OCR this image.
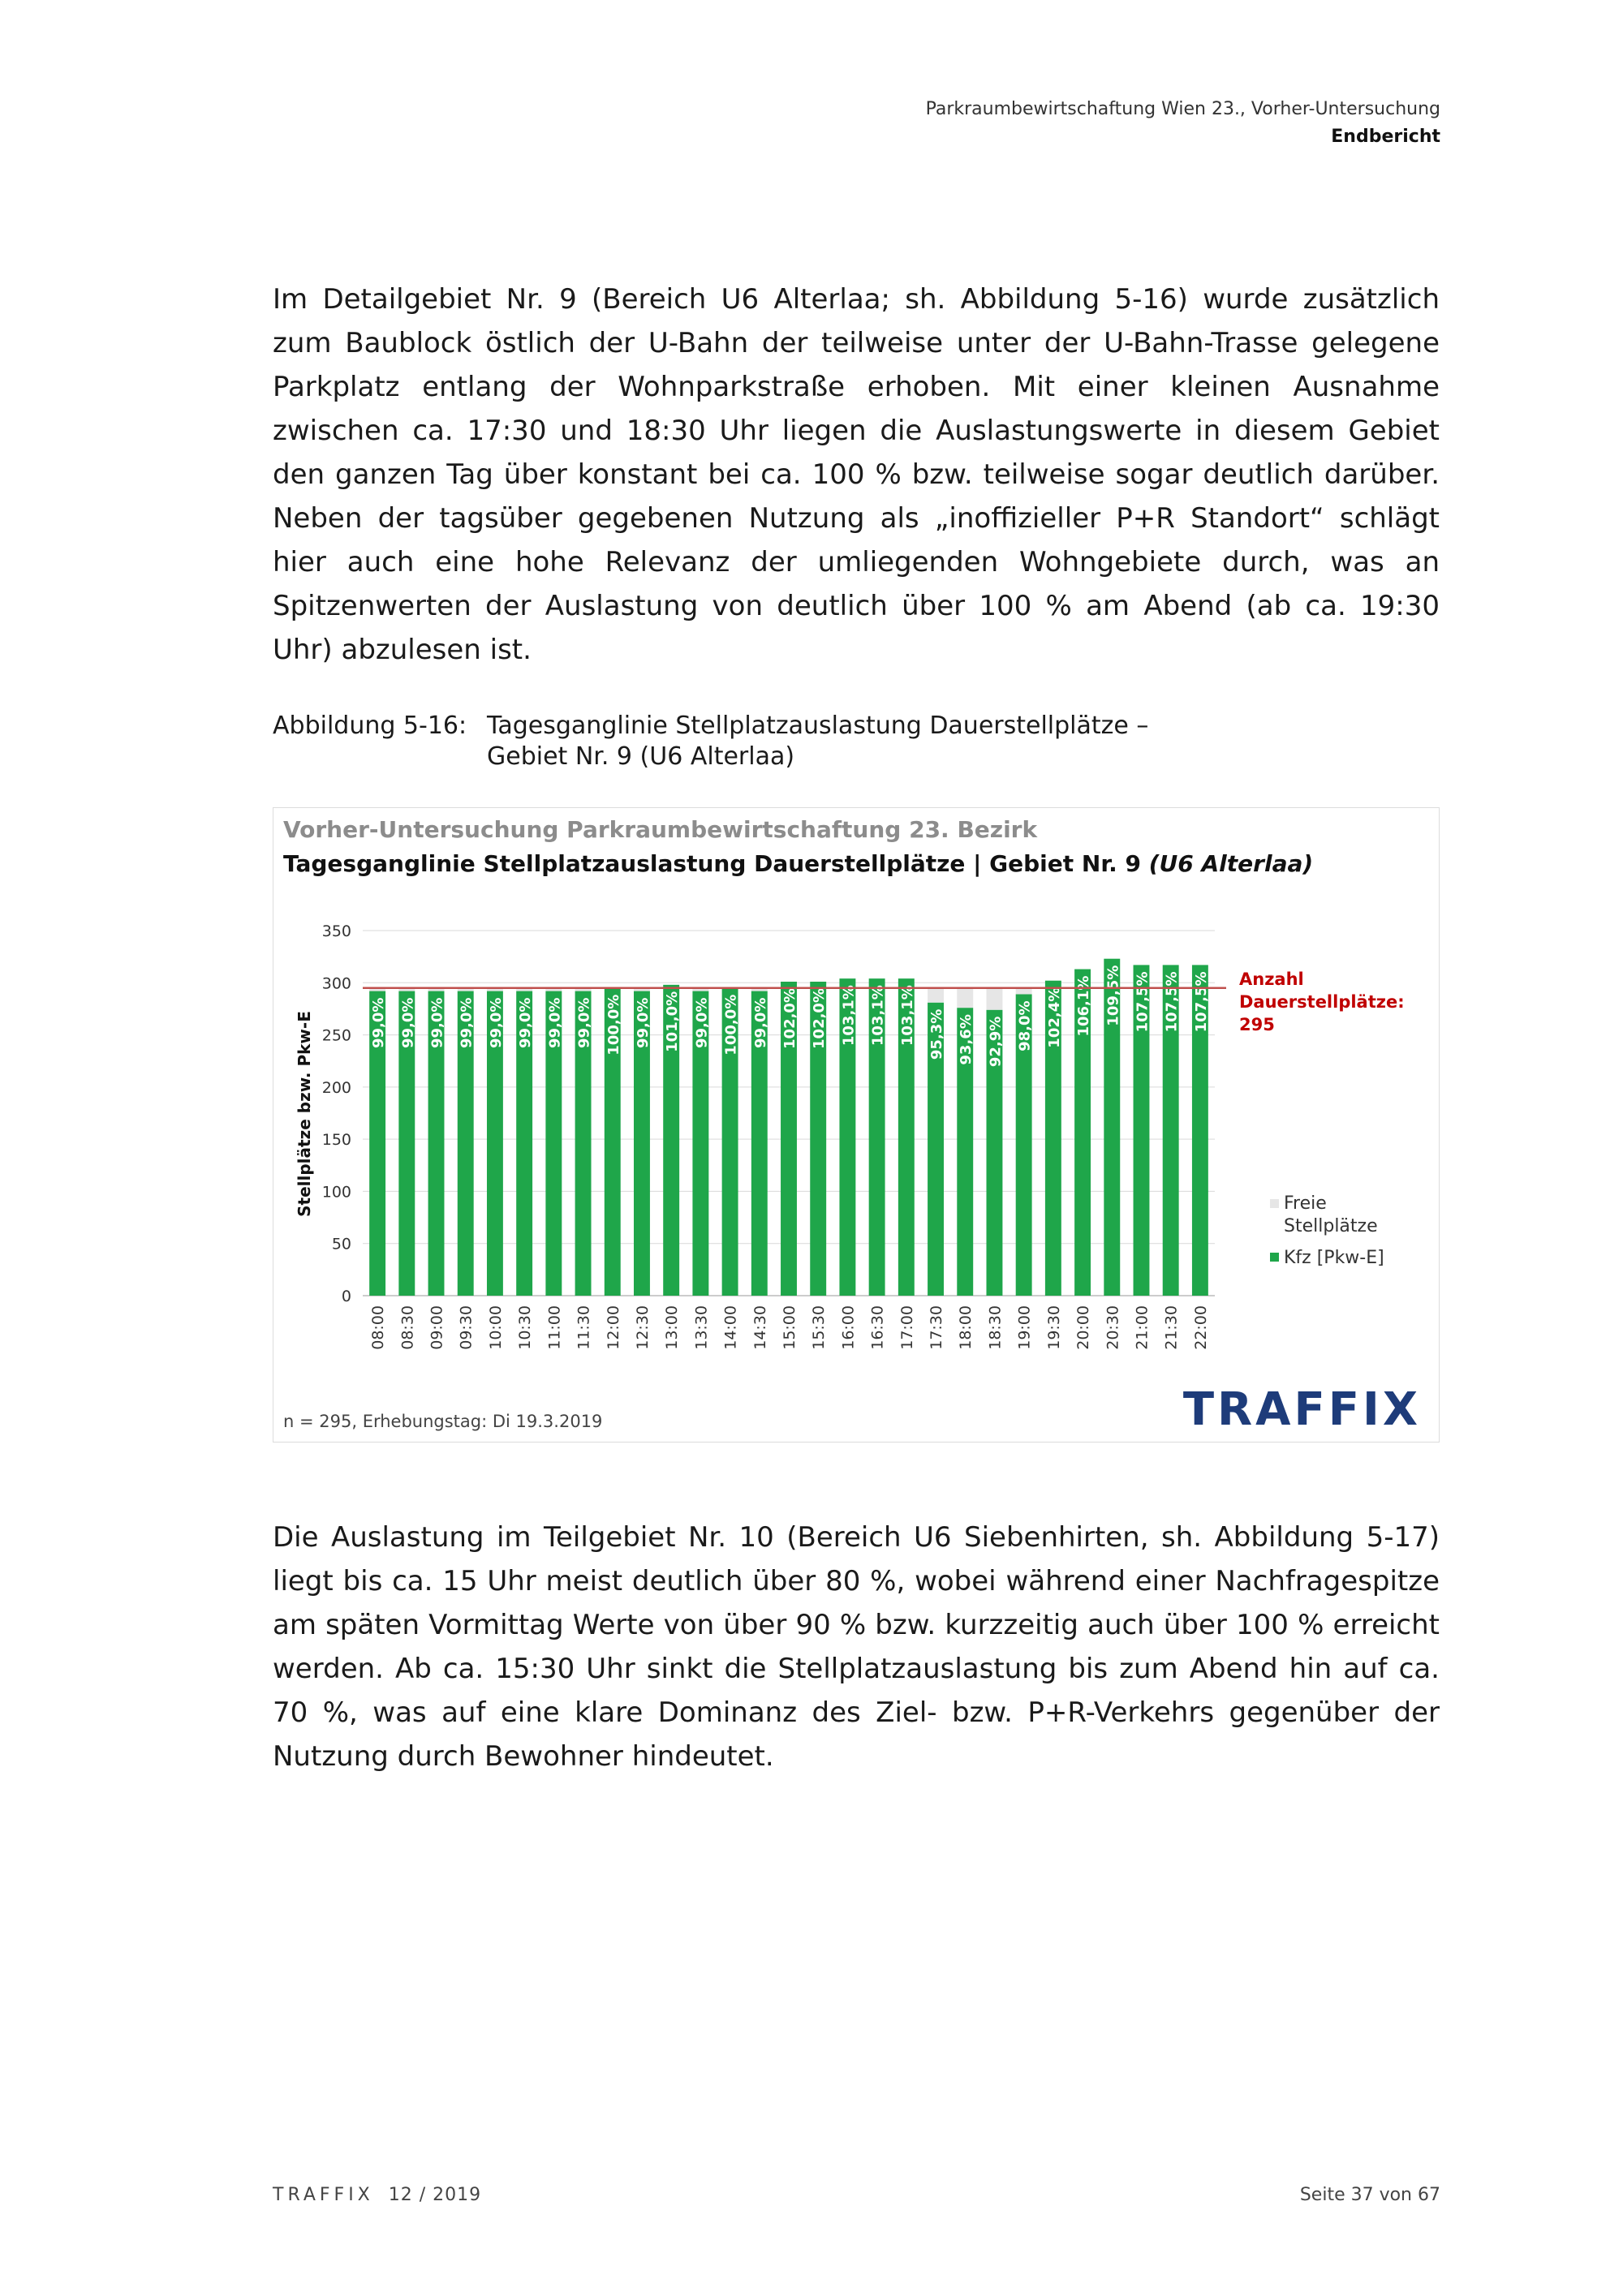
Parkraumbewirtschaftung Wien 23., Vorher-Untersuchung
Endbericht
Im Detailgebiet Nr. 9 (Bereich U6 Alterlaa; sh. Abbildung 5-16) wurde zusätzlich zum Baublock östlich der U-Bahn der teilweise unter der U-Bahn-Trasse gelegene Parkplatz entlang der Wohnparkstraße erhoben. Mit einer kleinen Ausnahme zwischen ca. 17:30 und 18:30 Uhr liegen die Auslastungswerte in diesem Gebiet den ganzen Tag über konstant bei ca. 100 % bzw. teilweise sogar deutlich darüber. Neben der tagsüber gegebenen Nutzung als „inoffizieller P+R Standort“ schlägt hier auch eine hohe Relevanz der umliegenden Wohngebiete durch, was an Spitzenwerten der Auslastung von deutlich über 100 % am Abend (ab ca. 19:30 Uhr) abzulesen ist.
Abbildung 5-16: Tagesganglinie Stellplatzauslastung Dauerstellplätze –
Gebiet Nr. 9 (U6 Alterlaa)
Vorher-Untersuchung Parkraumbewirtschaftung 23. Bezirk
Tagesganglinie Stellplatzauslastung Dauerstellplätze | Gebiet Nr. 9 (U6 Alterlaa)
Stellplätze bzw. Pkw-E
0
50
100
150
200
250
300
350
99,0%
08:00
99,0%
08:30
99,0%
09:00
99,0%
09:30
99,0%
10:00
99,0%
10:30
99,0%
11:00
99,0%
11:30
100,0%
12:00
99,0%
12:30
101,0%
13:00
99,0%
13:30
100,0%
14:00
99,0%
14:30
102,0%
15:00
102,0%
15:30
103,1%
16:00
103,1%
16:30
103,1%
17:00
95,3%
17:30
93,6%
18:00
92,9%
18:30
98,0%
19:00
102,4%
19:30
106,1%
20:00
109,5%
20:30
107,5%
21:00
107,5%
21:30
107,5%
22:00
Anzahl
Dauerstellplätze:
295
Freie
Stellplätze
Kfz [Pkw-E]
n = 295, Erhebungstag: Di 19.3.2019	TRAFFIX
Die Auslastung im Teilgebiet Nr. 10 (Bereich U6 Siebenhirten, sh. Abbildung 5-17) liegt bis ca. 15 Uhr meist deutlich über 80 %, wobei während einer Nachfragespitze am späten Vormittag Werte von über 90 % bzw. kurzzeitig auch über 100 % erreicht werden. Ab ca. 15:30 Uhr sinkt die Stellplatzauslastung bis zum Abend hin auf ca. 70 %, was auf eine klare Dominanz des Ziel- bzw. P+R-Verkehrs gegenüber der Nutzung durch Bewohner hindeutet.
TRAFFIX 12 / 2019	Seite 37 von 67
